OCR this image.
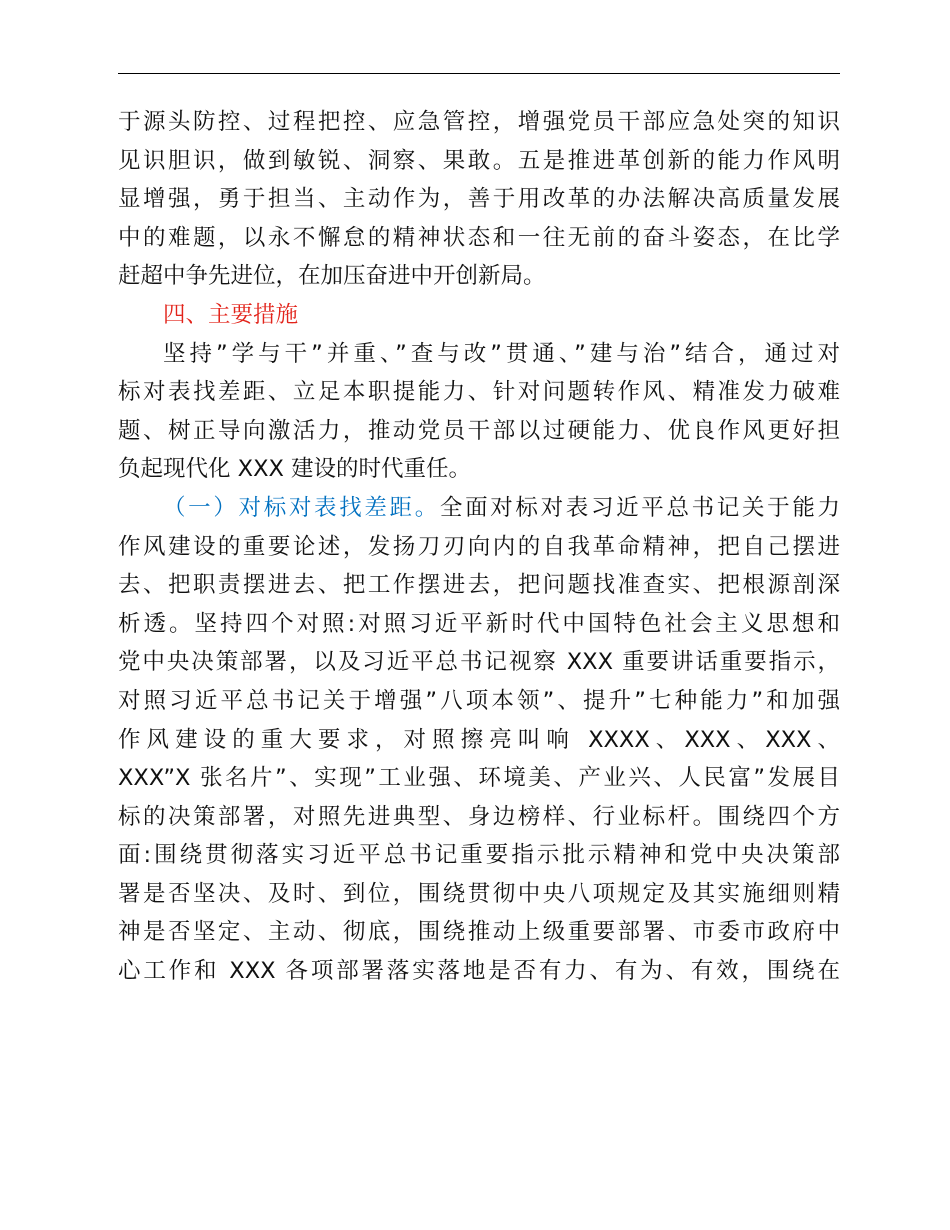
于源头防控、过程把控、应急管控，增强党员干部应急处突的知识
见识胆识，做到敏锐、洞察、果敢。五是推进革创新的能力作风明
显增强，勇于担当、主动作为，善于用改革的办法解决高质量发展
中的难题，以永不懈怠的精神状态和一往无前的奋斗姿态，在比学
赶超中争先进位，在加压奋进中开创新局。
四、主要措施
坚持”学与干”并重、”查与改”贯通、”建与治”结合，通过对
标对表找差距、立足本职提能力、针对问题转作风、精准发力破难
题、树正导向激活力，推动党员干部以过硬能力、优良作风更好担
负起现代化 XXX 建设的时代重任。
（一）对标对表找差距。全面对标对表习近平总书记关于能力
作风建设的重要论述，发扬刀刃向内的自我革命精神，把自己摆进
去、把职责摆进去、把工作摆进去，把问题找准查实、把根源剖深
析透。坚持四个对照:对照习近平新时代中国特色社会主义思想和
党中央决策部署，以及习近平总书记视察 XXX 重要讲话重要指示，
对照习近平总书记关于增强”八项本领”、提升”七种能力”和加强
作风建设的重大要求，对照擦亮叫响 XXXX、XXX、XXX、
XXX”X 张名片”、实现”工业强、环境美、产业兴、人民富”发展目
标的决策部署，对照先进典型、身边榜样、行业标杆。围绕四个方
面:围绕贯彻落实习近平总书记重要指示批示精神和党中央决策部
署是否坚决、及时、到位，围绕贯彻中央八项规定及其实施细则精
神是否坚定、主动、彻底，围绕推动上级重要部署、市委市政府中
心工作和 XXX 各项部署落实落地是否有力、有为、有效，围绕在
